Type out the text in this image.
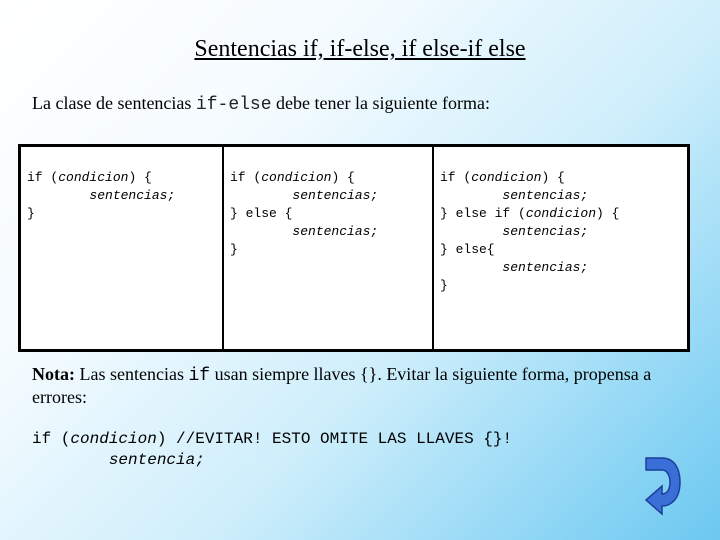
Sentencias if, if-else, if else-if else
La clase de sentencias if-else debe tener la siguiente forma:
if (condicion) {
sentencias;
}
if (condicion) {
sentencias;
} else {
sentencias;
}
if (condicion) {
sentencias;
} else if (condicion) {
sentencias;
} else{
sentencias;
}
Nota: Las sentencias if usan siempre llaves {}. Evitar la siguiente forma, propensa a errores:
if (condicion) //EVITAR! ESTO OMITE LAS LLAVES {}!
sentencia;
